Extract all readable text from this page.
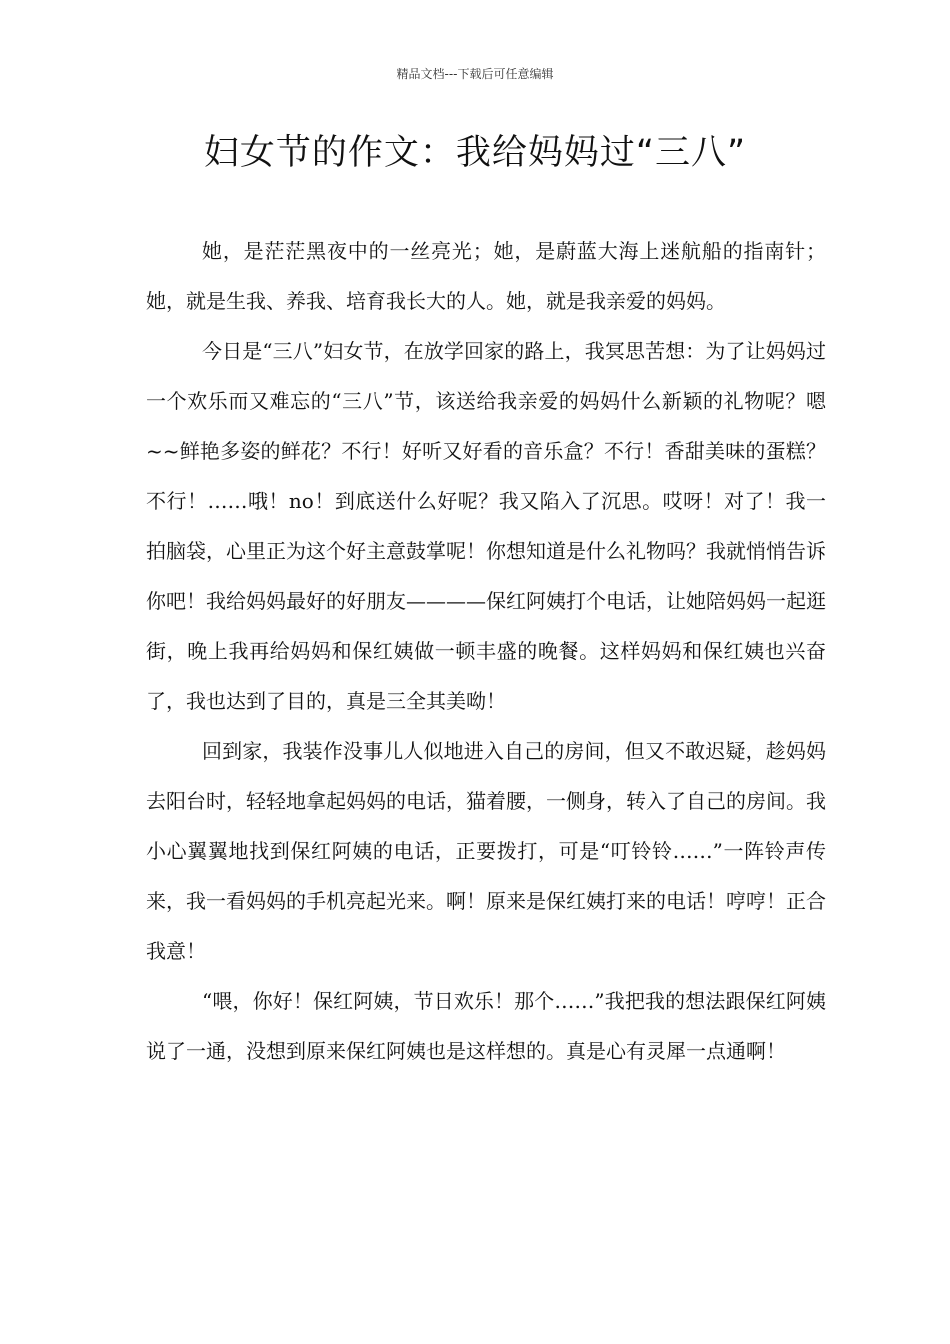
精品文档---下载后可任意编辑
妇女节的作文：我给妈妈过“三八”

她，是茫茫黑夜中的一丝亮光；她，是蔚蓝大海上迷航船的指南针；她，就是生我、养我、培育我长大的人。她，就是我亲爱的妈妈。

今日是“三八”妇女节，在放学回家的路上，我冥思苦想：为了让妈妈过一个欢乐而又难忘的“三八”节，该送给我亲爱的妈妈什么新颖的礼物呢？嗯~~鲜艳多姿的鲜花？不行！好听又好看的音乐盒？不行！香甜美味的蛋糕？不行！……哦！no！到底送什么好呢？我又陷入了沉思。哎呀！对了！我一拍脑袋，心里正为这个好主意鼓掌呢！你想知道是什么礼物吗？我就悄悄告诉你吧！我给妈妈最好的好朋友————保红阿姨打个电话，让她陪妈妈一起逛街，晚上我再给妈妈和保红姨做一顿丰盛的晚餐。这样妈妈和保红姨也兴奋了，我也达到了目的，真是三全其美呦！

回到家，我装作没事儿人似地进入自己的房间，但又不敢迟疑，趁妈妈去阳台时，轻轻地拿起妈妈的电话，猫着腰，一侧身，转入了自己的房间。我小心翼翼地找到保红阿姨的电话，正要拨打，可是“叮铃铃……”一阵铃声传来，我一看妈妈的手机亮起光来。啊！原来是保红姨打来的电话！哼哼！正合我意！

“喂，你好！保红阿姨，节日欢乐！那个……”我把我的想法跟保红阿姨说了一通，没想到原来保红阿姨也是这样想的。真是心有灵犀一点通啊！
